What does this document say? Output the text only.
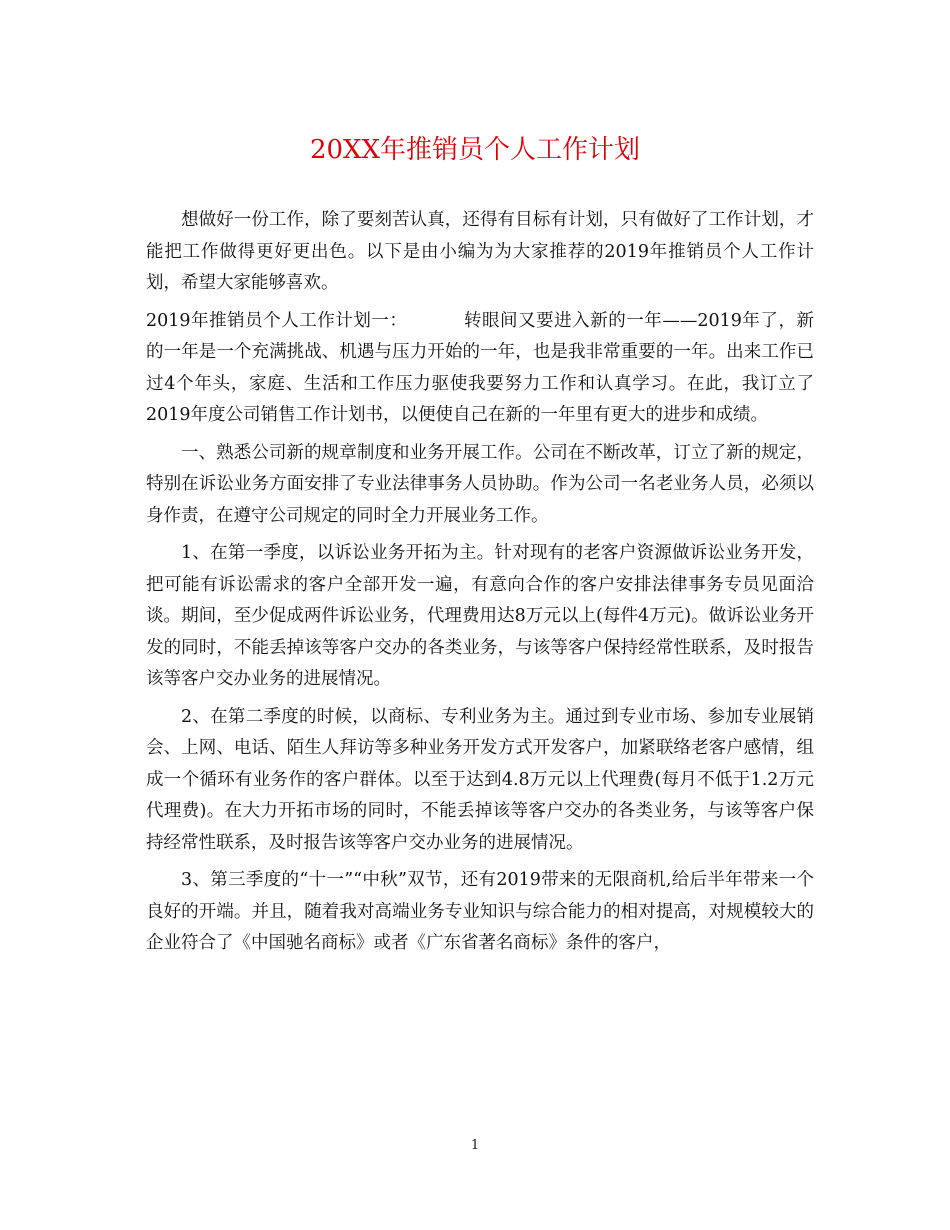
20XX年推销员个人工作计划

想做好一份工作，除了要刻苦认真，还得有目标有计划，只有做好了工作计划，才能把工作做得更好更出色。以下是由小编为为大家推荐的2019年推销员个人工作计划，希望大家能够喜欢。

2019年推销员个人工作计划一：	转眼间又要进入新的一年——2019年了，新的一年是一个充满挑战、机遇与压力开始的一年，也是我非常重要的一年。出来工作已过4个年头，家庭、生活和工作压力驱使我要努力工作和认真学习。在此，我订立了2019年度公司销售工作计划书，以便使自己在新的一年里有更大的进步和成绩。

一、熟悉公司新的规章制度和业务开展工作。公司在不断改革，订立了新的规定，特别在诉讼业务方面安排了专业法律事务人员协助。作为公司一名老业务人员，必须以身作责，在遵守公司规定的同时全力开展业务工作。

1、在第一季度，以诉讼业务开拓为主。针对现有的老客户资源做诉讼业务开发，把可能有诉讼需求的客户全部开发一遍，有意向合作的客户安排法律事务专员见面洽谈。期间，至少促成两件诉讼业务，代理费用达8万元以上(每件4万元)。做诉讼业务开发的同时，不能丢掉该等客户交办的各类业务，与该等客户保持经常性联系，及时报告该等客户交办业务的进展情况。

2、在第二季度的时候，以商标、专利业务为主。通过到专业市场、参加专业展销会、上网、电话、陌生人拜访等多种业务开发方式开发客户，加紧联络老客户感情，组成一个循环有业务作的客户群体。以至于达到4.8万元以上代理费(每月不低于1.2万元代理费)。在大力开拓市场的同时，不能丢掉该等客户交办的各类业务，与该等客户保持经常性联系，及时报告该等客户交办业务的进展情况。

3、第三季度的“十一”“中秋”双节，还有2019带来的无限商机,给后半年带来一个良好的开端。并且，随着我对高端业务专业知识与综合能力的相对提高，对规模较大的企业符合了《中国驰名商标》或者《广东省著名商标》条件的客户，

1
